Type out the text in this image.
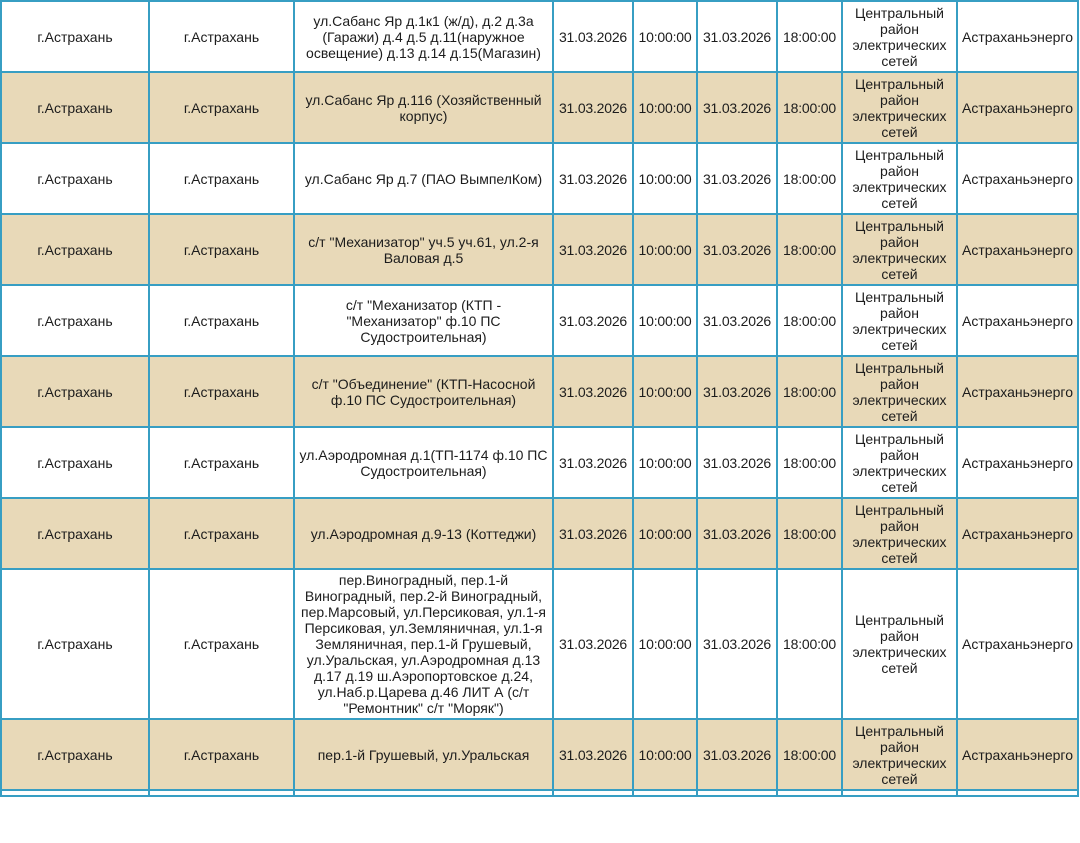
г.Астрахань	г.Астрахань	ул.Сабанс Яр д.1к1 (ж/д), д.2 д.3а (Гаражи) д.4 д.5 д.11(наружное освещение) д.13 д.14 д.15(Магазин)	31.03.2026	10:00:00	31.03.2026	18:00:00	Центральный район электрических сетей	Астраханьэнерго
г.Астрахань	г.Астрахань	ул.Сабанс Яр д.116 (Хозяйственный корпус)	31.03.2026	10:00:00	31.03.2026	18:00:00	Центральный район электрических сетей	Астраханьэнерго
г.Астрахань	г.Астрахань	ул.Сабанс Яр д.7 (ПАО ВымпелКом)	31.03.2026	10:00:00	31.03.2026	18:00:00	Центральный район электрических сетей	Астраханьэнерго
г.Астрахань	г.Астрахань	с/т "Механизатор" уч.5 уч.61, ул.2-я Валовая д.5	31.03.2026	10:00:00	31.03.2026	18:00:00	Центральный район электрических сетей	Астраханьэнерго
г.Астрахань	г.Астрахань	с/т "Механизатор (КТП - "Механизатор" ф.10 ПС Судостроительная)	31.03.2026	10:00:00	31.03.2026	18:00:00	Центральный район электрических сетей	Астраханьэнерго
г.Астрахань	г.Астрахань	с/т "Объединение" (КТП-Насосной ф.10 ПС Судостроительная)	31.03.2026	10:00:00	31.03.2026	18:00:00	Центральный район электрических сетей	Астраханьэнерго
г.Астрахань	г.Астрахань	ул.Аэродромная д.1(ТП-1174 ф.10 ПС Судостроительная)	31.03.2026	10:00:00	31.03.2026	18:00:00	Центральный район электрических сетей	Астраханьэнерго
г.Астрахань	г.Астрахань	ул.Аэродромная д.9-13 (Коттеджи)	31.03.2026	10:00:00	31.03.2026	18:00:00	Центральный район электрических сетей	Астраханьэнерго
г.Астрахань	г.Астрахань	пер.Виноградный, пер.1-й Виноградный, пер.2-й Виноградный, пер.Марсовый, ул.Персиковая, ул.1-я Персиковая, ул.Земляничная, ул.1-я Земляничная, пер.1-й Грушевый, ул.Уральская, ул.Аэродромная д.13 д.17 д.19 ш.Аэропортовское д.24, ул.Наб.р.Царева д.46 ЛИТ А (с/т "Ремонтник" с/т "Моряк")	31.03.2026	10:00:00	31.03.2026	18:00:00	Центральный район электрических сетей	Астраханьэнерго
г.Астрахань	г.Астрахань	пер.1-й Грушевый, ул.Уральская	31.03.2026	10:00:00	31.03.2026	18:00:00	Центральный район электрических сетей	Астраханьэнерго
